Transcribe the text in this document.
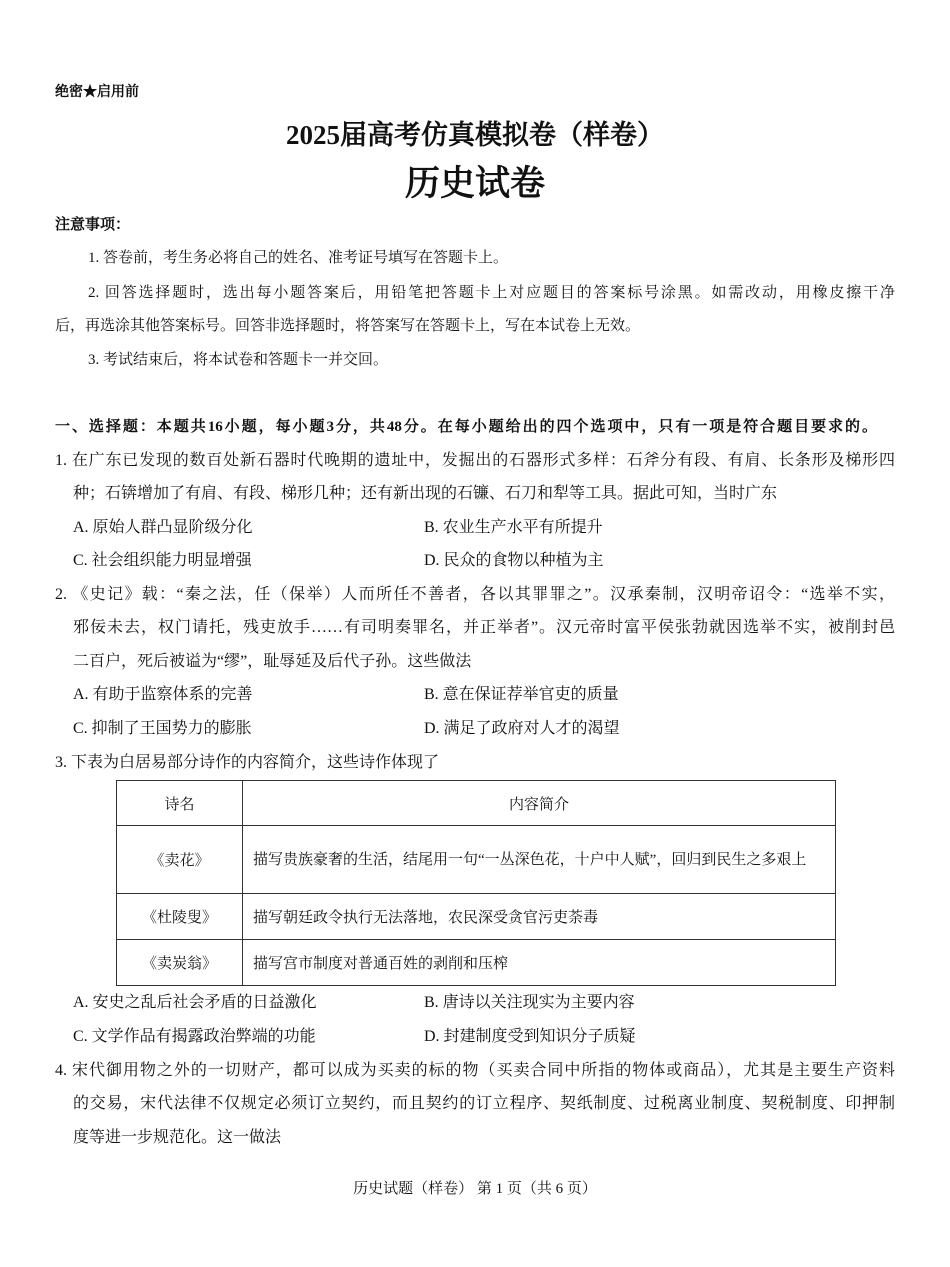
绝密★启用前
2025届高考仿真模拟卷（样卷）
历史试卷
注意事项：
1. 答卷前，考生务必将自己的姓名、准考证号填写在答题卡上。
2. 回答选择题时，选出每小题答案后，用铅笔把答题卡上对应题目的答案标号涂黑。如需改动，用橡皮擦干净
后，再选涂其他答案标号。回答非选择题时，将答案写在答题卡上，写在本试卷上无效。
3. 考试结束后，将本试卷和答题卡一并交回。
一、选择题：本题共16小题，每小题3分，共48分。在每小题给出的四个选项中，只有一项是符合题目要求的。
1. 在广东已发现的数百处新石器时代晚期的遗址中，发掘出的石器形式多样：石斧分有段、有肩、长条形及梯形四
种；石锛增加了有肩、有段、梯形几种；还有新出现的石镰、石刀和犁等工具。据此可知，当时广东
A. 原始人群凸显阶级分化	B. 农业生产水平有所提升
C. 社会组织能力明显增强	D. 民众的食物以种植为主
2. 《史记》载：“秦之法，任（保举）人而所任不善者，各以其罪罪之”。汉承秦制，汉明帝诏令：“选举不实，
邪佞未去，权门请托，残吏放手……有司明奏罪名，并正举者”。汉元帝时富平侯张勃就因选举不实，被削封邑
二百户，死后被谥为“缪”，耻辱延及后代子孙。这些做法
A. 有助于监察体系的完善	B. 意在保证荐举官吏的质量
C. 抑制了王国势力的膨胀	D. 满足了政府对人才的渴望
3. 下表为白居易部分诗作的内容简介，这些诗作体现了
诗名	内容简介
《卖花》	描写贵族豪奢的生活，结尾用一句“一丛深色花，十户中人赋”，回归到民生之多艰上
《杜陵叟》	描写朝廷政令执行无法落地，农民深受贪官污吏荼毒
《卖炭翁》	描写宫市制度对普通百姓的剥削和压榨
A. 安史之乱后社会矛盾的日益激化	B. 唐诗以关注现实为主要内容
C. 文学作品有揭露政治弊端的功能	D. 封建制度受到知识分子质疑
4. 宋代御用物之外的一切财产，都可以成为买卖的标的物（买卖合同中所指的物体或商品），尤其是主要生产资料
的交易，宋代法律不仅规定必须订立契约，而且契约的订立程序、契纸制度、过税离业制度、契税制度、印押制
度等进一步规范化。这一做法
历史试题（样卷） 第 1 页（共 6 页）
